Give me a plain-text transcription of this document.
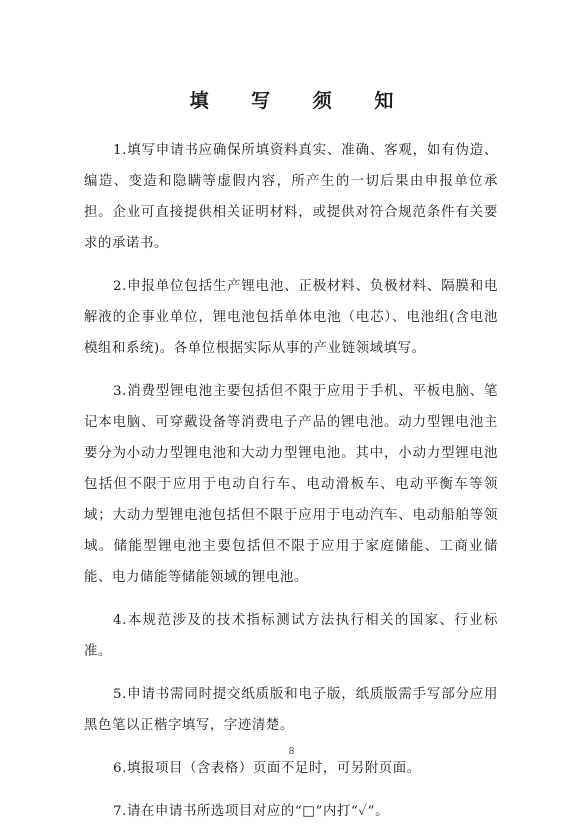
填 写 须 知

1.填写申请书应确保所填资料真实、准确、客观，如有伪造、编造、变造和隐瞒等虚假内容，所产生的一切后果由申报单位承担。企业可直接提供相关证明材料，或提供对符合规范条件有关要求的承诺书。

2.申报单位包括生产锂电池、正极材料、负极材料、隔膜和电解液的企事业单位，锂电池包括单体电池（电芯）、电池组(含电池模组和系统)。各单位根据实际从事的产业链领域填写。

3.消费型锂电池主要包括但不限于应用于手机、平板电脑、笔记本电脑、可穿戴设备等消费电子产品的锂电池。动力型锂电池主要分为小动力型锂电池和大动力型锂电池。其中，小动力型锂电池包括但不限于应用于电动自行车、电动滑板车、电动平衡车等领域；大动力型锂电池包括但不限于应用于电动汽车、电动船舶等领域。储能型锂电池主要包括但不限于应用于家庭储能、工商业储能、电力储能等储能领域的锂电池。

4.本规范涉及的技术指标测试方法执行相关的国家、行业标准。

5.申请书需同时提交纸质版和电子版，纸质版需手写部分应用黑色笔以正楷字填写，字迹清楚。

6.填报项目（含表格）页面不足时，可另附页面。

7.请在申请书所选项目对应的“□”内打“✓”。

8
